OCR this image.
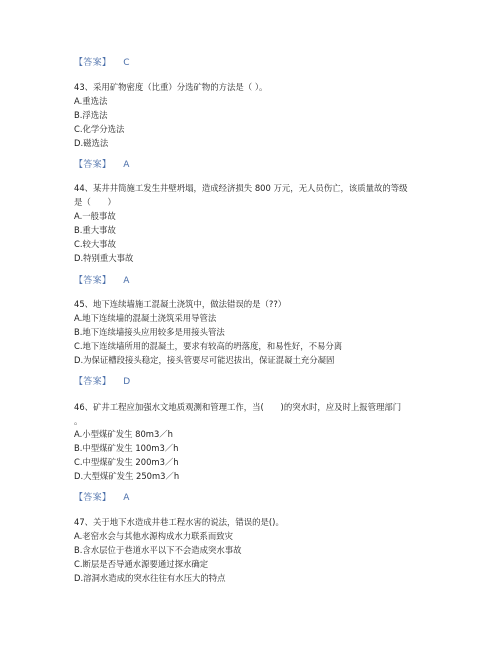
【答案】 C
43、采用矿物密度（比重）分选矿物的方法是（ ）。
A.重选法
B.浮选法
C.化学分选法
D.磁选法
【答案】 A
44、某井井筒施工发生井壁坍塌，造成经济损失 800 万元，无人员伤亡，该质量故的等级
是（　　）
A.一般事故
B.重大事故
C.较大事故
D.特别重大事故
【答案】 A
45、地下连续墙施工混凝土浇筑中，做法错误的是（??）
A.地下连续墙的混凝土浇筑采用导管法
B.地下连续墙接头应用较多是用接头管法
C.地下连续墙所用的混凝土，要求有较高的坍落度，和易性好，不易分离
D.为保证槽段接头稳定，接头管要尽可能迟拔出，保证混凝土充分凝固
【答案】 D
46、矿井工程应加强水文地质观测和管理工作，当(　　)的突水时，应及时上报管理部门
。
A.小型煤矿发生 80m3／h
B.中型煤矿发生 100m3／h
C.中型煤矿发生 200m3／h
D.大型煤矿发生 250m3／h
【答案】 A
47、关于地下水造成井巷工程水害的说法，错误的是()。
A.老窑水会与其他水源构成水力联系而致灾
B.含水层位于巷道水平以下不会造成突水事故
C.断层是否导通水源要通过探水确定
D.溶洞水造成的突水往往有水压大的特点
